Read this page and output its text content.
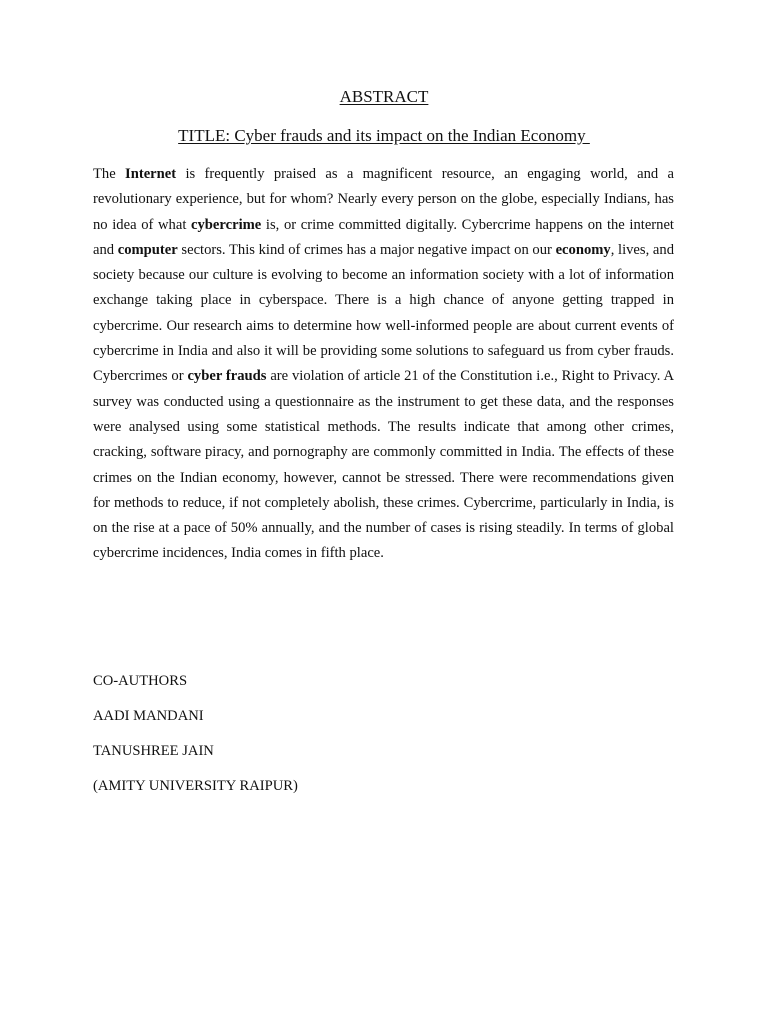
ABSTRACT
TITLE: Cyber frauds and its impact on the Indian Economy

The Internet is frequently praised as a magnificent resource, an engaging world, and a revolutionary experience, but for whom? Nearly every person on the globe, especially Indians, has no idea of what cybercrime is, or crime committed digitally. Cybercrime happens on the internet and computer sectors. This kind of crimes has a major negative impact on our economy, lives, and society because our culture is evolving to become an information society with a lot of information exchange taking place in cyberspace. There is a high chance of anyone getting trapped in cybercrime. Our research aims to determine how well-informed people are about current events of cybercrime in India and also it will be providing some solutions to safeguard us from cyber frauds. Cybercrimes or cyber frauds are violation of article 21 of the Constitution i.e., Right to Privacy. A survey was conducted using a questionnaire as the instrument to get these data, and the responses were analysed using some statistical methods. The results indicate that among other crimes, cracking, software piracy, and pornography are commonly committed in India. The effects of these crimes on the Indian economy, however, cannot be stressed. There were recommendations given for methods to reduce, if not completely abolish, these crimes. Cybercrime, particularly in India, is on the rise at a pace of 50% annually, and the number of cases is rising steadily. In terms of global cybercrime incidences, India comes in fifth place.

CO-AUTHORS
AADI MANDANI
TANUSHREE JAIN
(AMITY UNIVERSITY RAIPUR)
